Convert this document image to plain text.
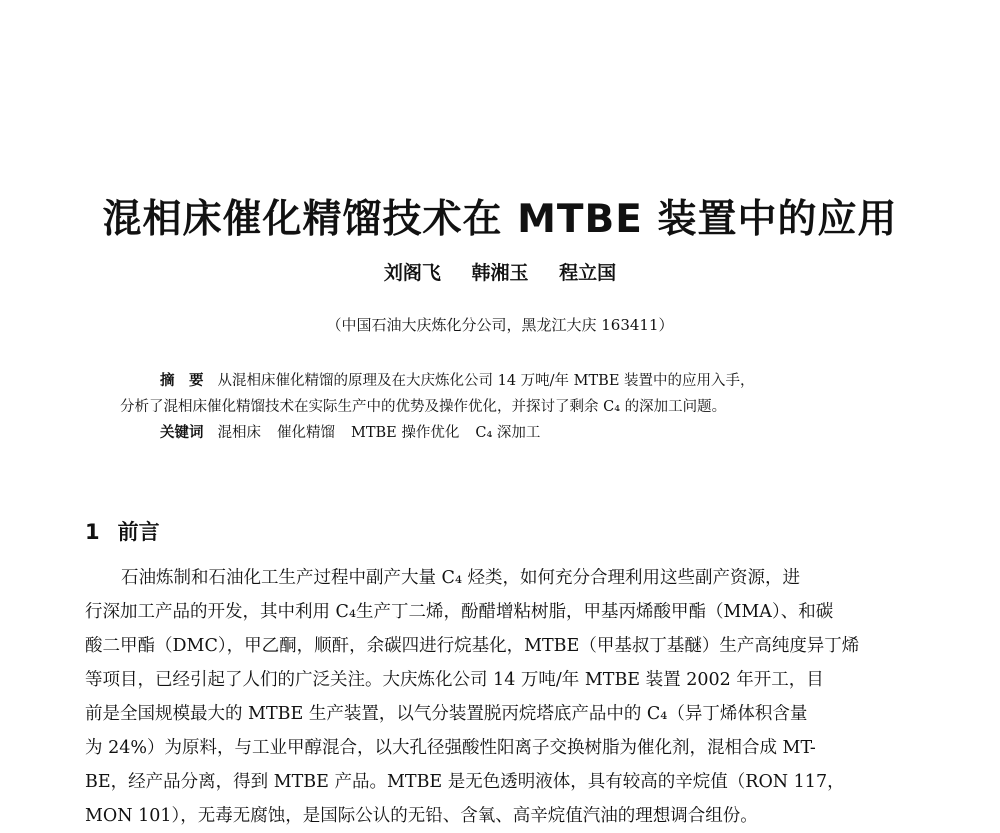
混相床催化精馏技术在 MTBE 装置中的应用
刘阁飞 韩湘玉 程立国
（中国石油大庆炼化分公司，黑龙江大庆 163411）

摘　要 从混相床催化精馏的原理及在大庆炼化公司 14 万吨/年 MTBE 装置中的应用入手，

分析了混相床催化精馏技术在实际生产中的优势及操作优化，并探讨了剩余 C₄ 的深加工问题。

关键词 混相床 催化精馏 MTBE 操作优化 C₄ 深加工

1 前言

石油炼制和石油化工生产过程中副产大量 C₄ 烃类，如何充分合理利用这些副产资源，进

行深加工产品的开发，其中利用 C₄生产丁二烯，酚醋增粘树脂，甲基丙烯酸甲酯（MMA）、和碳

酸二甲酯（DMC），甲乙酮，顺酐，余碳四进行烷基化，MTBE（甲基叔丁基醚）生产高纯度异丁烯

等项目，已经引起了人们的广泛关注。大庆炼化公司 14 万吨/年 MTBE 装置 2002 年开工，目

前是全国规模最大的 MTBE 生产装置，以气分装置脱丙烷塔底产品中的 C₄（异丁烯体积含量

为 24%）为原料，与工业甲醇混合，以大孔径强酸性阳离子交换树脂为催化剂，混相合成 MT-

BE，经产品分离，得到 MTBE 产品。MTBE 是无色透明液体，具有较高的辛烷值（RON 117，

MON 101），无毒无腐蚀，是国际公认的无铅、含氧、高辛烷值汽油的理想调合组份。
